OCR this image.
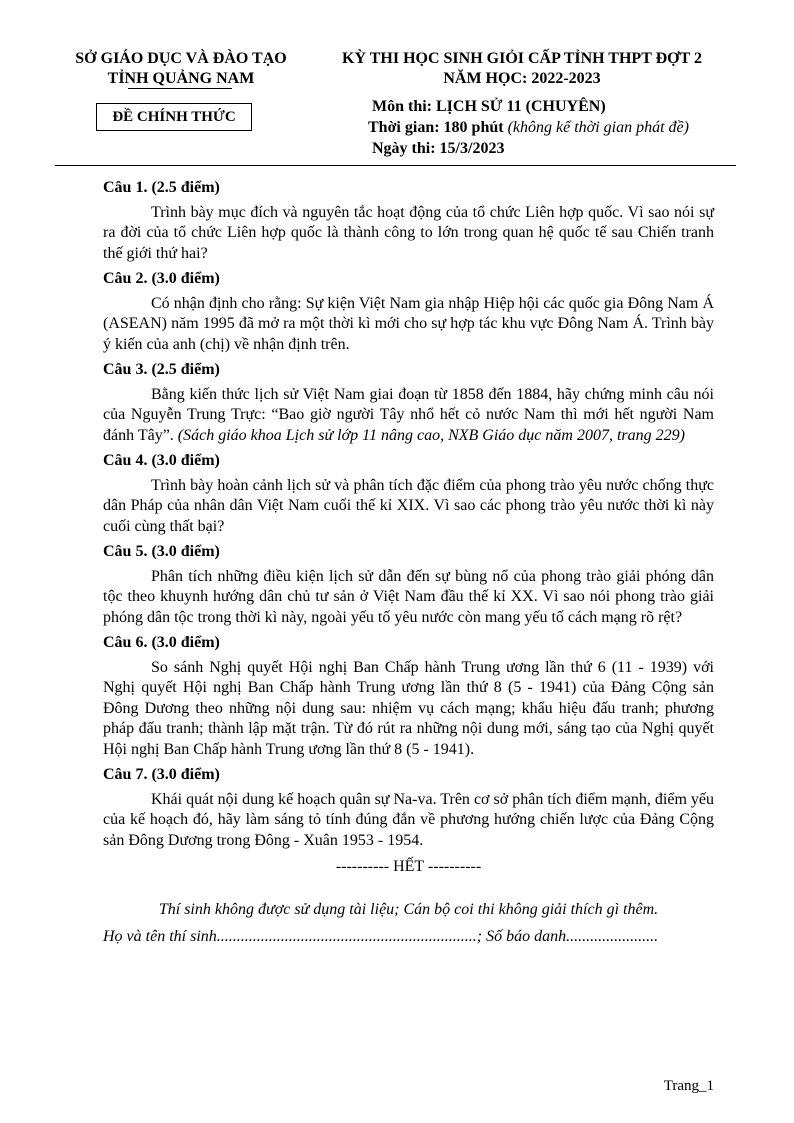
SỞ GIÁO DỤC VÀ ĐÀO TẠO
TỈNH QUẢNG NAM
ĐỀ CHÍNH THỨC
KỲ THI HỌC SINH GIỎI CẤP TỈNH THPT ĐỢT 2
NĂM HỌC: 2022-2023
Môn thi: LỊCH SỬ 11 (CHUYÊN)
Thời gian: 180 phút (không kể thời gian phát đề)
Ngày thi: 15/3/2023

Câu 1. (2.5 điểm)

Trình bày mục đích và nguyên tắc hoạt động của tổ chức Liên hợp quốc. Vì sao nói sự ra đời của tổ chức Liên hợp quốc là thành công to lớn trong quan hệ quốc tế sau Chiến tranh thế giới thứ hai?

Câu 2. (3.0 điểm)

Có nhận định cho rằng: Sự kiện Việt Nam gia nhập Hiệp hội các quốc gia Đông Nam Á (ASEAN) năm 1995 đã mở ra một thời kì mới cho sự hợp tác khu vực Đông Nam Á. Trình bày ý kiến của anh (chị) về nhận định trên.

Câu 3. (2.5 điểm)

Bằng kiến thức lịch sử Việt Nam giai đoạn từ 1858 đến 1884, hãy chứng minh câu nói của Nguyễn Trung Trực: “Bao giờ người Tây nhổ hết cỏ nước Nam thì mới hết người Nam đánh Tây”. (Sách giáo khoa Lịch sử lớp 11 nâng cao, NXB Giáo dục năm 2007, trang 229)

Câu 4. (3.0 điểm)

Trình bày hoàn cảnh lịch sử và phân tích đặc điểm của phong trào yêu nước chống thực dân Pháp của nhân dân Việt Nam cuối thế kỉ XIX. Vì sao các phong trào yêu nước thời kì này cuối cùng thất bại?

Câu 5. (3.0 điểm)

Phân tích những điều kiện lịch sử dẫn đến sự bùng nổ của phong trào giải phóng dân tộc theo khuynh hướng dân chủ tư sản ở Việt Nam đầu thế kỉ XX. Vì sao nói phong trào giải phóng dân tộc trong thời kì này, ngoài yếu tố yêu nước còn mang yếu tố cách mạng rõ rệt?

Câu 6. (3.0 điểm)

So sánh Nghị quyết Hội nghị Ban Chấp hành Trung ương lần thứ 6 (11 - 1939) với Nghị quyết Hội nghị Ban Chấp hành Trung ương lần thứ 8 (5 - 1941) của Đảng Cộng sản Đông Dương theo những nội dung sau: nhiệm vụ cách mạng; khẩu hiệu đấu tranh; phương pháp đấu tranh; thành lập mặt trận. Từ đó rút ra những nội dung mới, sáng tạo của Nghị quyết Hội nghị Ban Chấp hành Trung ương lần thứ 8 (5 - 1941).

Câu 7. (3.0 điểm)

Khái quát nội dung kế hoạch quân sự Na-va. Trên cơ sở phân tích điểm mạnh, điểm yếu của kế hoạch đó, hãy làm sáng tỏ tính đúng đắn về phương hướng chiến lược của Đảng Cộng sản Đông Dương trong Đông - Xuân 1953 - 1954.

---------- HẾT ----------
Thí sinh không được sử dụng tài liệu; Cán bộ coi thi không giải thích gì thêm.
Họ và tên thí sinh.................................................................; Số báo danh.......................
Trang_1
